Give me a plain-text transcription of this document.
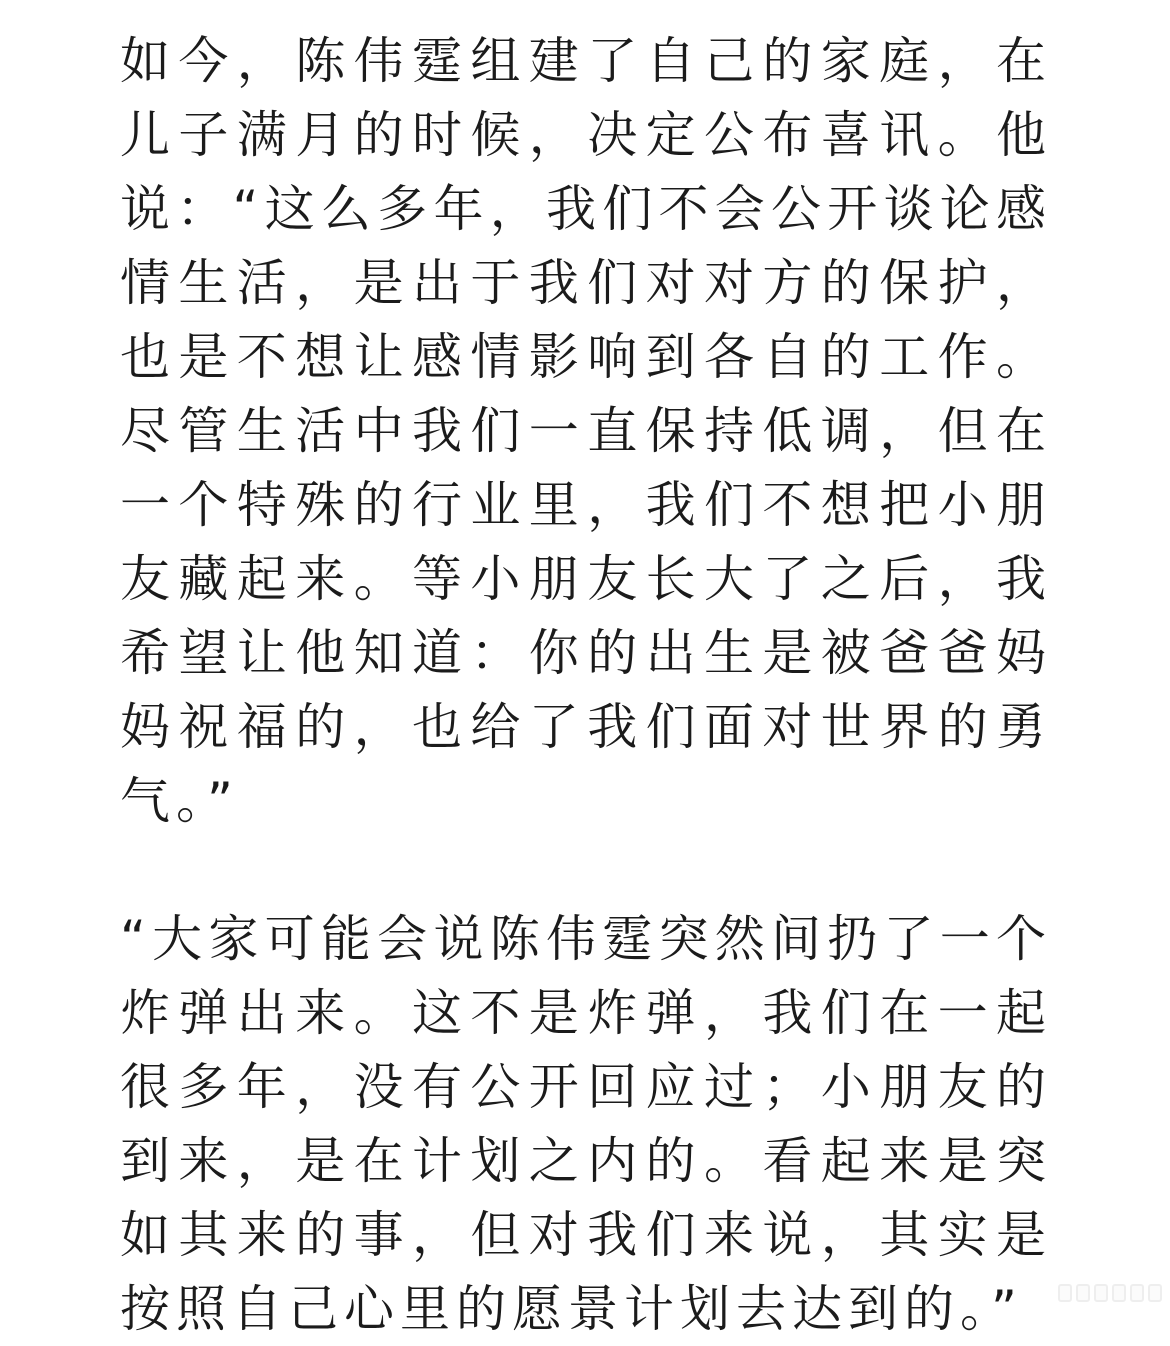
如今，陈伟霆组建了自己的家庭，在儿子满月的时候，决定公布喜讯。他说：“这么多年，我们不会公开谈论感情生活，是出于我们对对方的保护，也是不想让感情影响到各自的工作。尽管生活中我们一直保持低调，但在一个特殊的行业里，我们不想把小朋友藏起来。等小朋友长大了之后，我希望让他知道：你的出生是被爸爸妈妈祝福的，也给了我们面对世界的勇气。”

“大家可能会说陈伟霆突然间扔了一个炸弹出来。这不是炸弹，我们在一起很多年，没有公开回应过；小朋友的到来，是在计划之内的。看起来是突如其来的事，但对我们来说，其实是按照自己心里的愿景计划去达到的。”
